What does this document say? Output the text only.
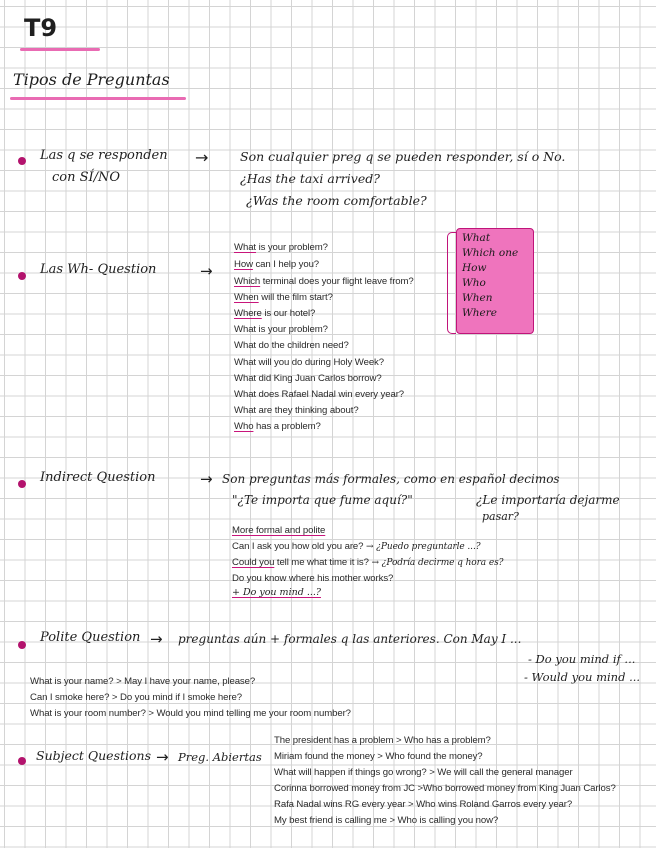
T9
Tipos de Preguntas
Las q se responden
con SÍ/NO
→	Son cualquier preg q se pueden responder, sí o No.
¿Has the taxi arrived?
¿Was the room comfortable?
Las Wh- Question	→
What is your problem?
How can I help you?
Which terminal does your flight leave from?
When will the film start?
Where is our hotel?
What is your problem?
What do the children need?
What will you do during Holy Week?
What did King Juan Carlos borrow?
What does Rafael Nadal win every year?
What are they thinking about?
Who has a problem?
What
Which one
How
Who
When
Where
Indirect Question	→ Son preguntas más formales, como en español decimos
"¿Te importa que fume aquí?"	¿Le importaría dejarme
pasar?
More formal and polite
Can I ask you how old you are? → ¿Puedo preguntarle ...?
Could you tell me what time it is? → ¿Podría decirme q hora es?
Do you know where his mother works?
+ Do you mind ...?
Polite Question → preguntas aún + formales q las anteriores. Con May I ...
- Do you mind if ...
- Would you mind ...
What is your name? > May I have your name, please?
Can I smoke here? > Do you mind if I smoke here?
What is your room number? > Would you mind telling me your room number?
Subject Questions → Preg. Abiertas
The president has a problem > Who has a problem?
Miriam found the money > Who found the money?
What will happen if things go wrong? > We will call the general manager
Corinna borrowed money from JC >Who borrowed money from King Juan Carlos?
Rafa Nadal wins RG every year > Who wins Roland Garros every year?
My best friend is calling me > Who is calling you now?
